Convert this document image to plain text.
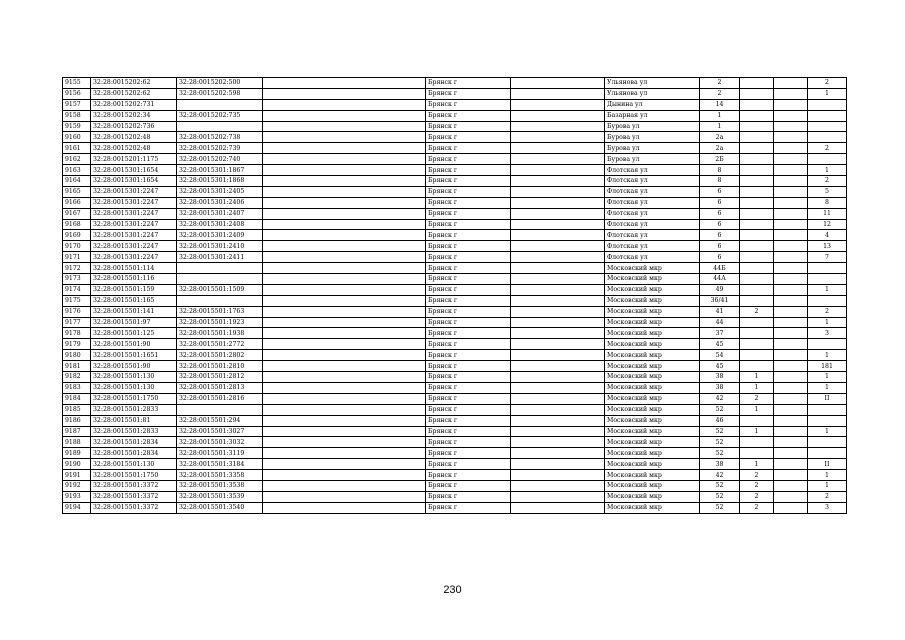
9155	32:28:0015202:62	32:28:0015202:500		Брянск г		Ульянова ул	2			2
9156	32:28:0015202:62	32:28:0015202:598		Брянск г		Ульянова ул	2			1
9157	32:28:0015202:731			Брянск г		Дынина ул	14			
9158	32:28:0015202:34	32:28:0015202:735		Брянск г		Базарная ул	1			
9159	32:28:0015202:736			Брянск г		Бурова ул	1			
9160	32:28:0015202:48	32:28:0015202:738		Брянск г		Бурова ул	2а			
9161	32:28:0015202:48	32:28:0015202:739		Брянск г		Бурова ул	2а			2
9162	32:28:0015201:1175	32:28:0015202:740		Брянск г		Бурова ул	2Б			
9163	32:28:0015301:1654	32:28:0015301:1867		Брянск г		Флотская ул	8			1
9164	32:28:0015301:1654	32:28:0015301:1868		Брянск г		Флотская ул	8			2
9165	32:28:0015301:2247	32:28:0015301:2405		Брянск г		Флотская ул	6			5
9166	32:28:0015301:2247	32:28:0015301:2406		Брянск г		Флотская ул	6			8
9167	32:28:0015301:2247	32:28:0015301:2407		Брянск г		Флотская ул	6			11
9168	32:28:0015301:2247	32:28:0015301:2408		Брянск г		Флотская ул	6			12
9169	32:28:0015301:2247	32:28:0015301:2409		Брянск г		Флотская ул	6			4
9170	32:28:0015301:2247	32:28:0015301:2410		Брянск г		Флотская ул	6			13
9171	32:28:0015301:2247	32:28:0015301:2411		Брянск г		Флотская ул	6			7
9172	32:28:0015501:114			Брянск г		Московский мкр	44Б			
9173	32:28:0015501:116			Брянск г		Московский мкр	44А			
9174	32:28:0015501:159	32:28:0015501:1509		Брянск г		Московский мкр	49			1
9175	32:28:0015501:165			Брянск г		Московский мкр	36/41			
9176	32:28:0015501:141	32:28:0015501:1763		Брянск г		Московский мкр	41	2		2
9177	32:28:0015501:97	32:28:0015501:1923		Брянск г		Московский мкр	44			1
9178	32:28:0015501:125	32:28:0015501:1938		Брянск г		Московский мкр	37			3
9179	32:28:0015501:90	32:28:0015501:2772		Брянск г		Московский мкр	45			
9180	32:28:0015501:1651	32:28:0015501:2802		Брянск г		Московский мкр	54			1
9181	32:28:0015501:90	32:28:0015501:2810		Брянск г		Московский мкр	45			181
9182	32:28:0015501:130	32:28:0015501:2812		Брянск г		Московский мкр	38	1		1
9183	32:28:0015501:130	32:28:0015501:2813		Брянск г		Московский мкр	38	1		1
9184	32:28:0015501:1750	32:28:0015501:2816		Брянск г		Московский мкр	42	2		II
9185	32:28:0015501:2833			Брянск г		Московский мкр	52	1		
9186	32:28:0015501:81	32:28:0015501:294		Брянск г		Московский мкр	46			
9187	32:28:0015501:2833	32:28:0015501:3027		Брянск г		Московский мкр	52	1		1
9188	32:28:0015501:2834	32:28:0015501:3032		Брянск г		Московский мкр	52			
9189	32:28:0015501:2834	32:28:0015501:3119		Брянск г		Московский мкр	52			
9190	32:28:0015501:130	32:28:0015501:3184		Брянск г		Московский мкр	38	1		II
9191	32:28:0015501:1750	32:28:0015501:3358		Брянск г		Московский мкр	42	2		1
9192	32:28:0015501:3372	32:28:0015501:3538		Брянск г		Московский мкр	52	2		1
9193	32:28:0015501:3372	32:28:0015501:3539		Брянск г		Московский мкр	52	2		2
9194	32:28:0015501:3372	32:28:0015501:3540		Брянск г		Московский мкр	52	2		3
230
